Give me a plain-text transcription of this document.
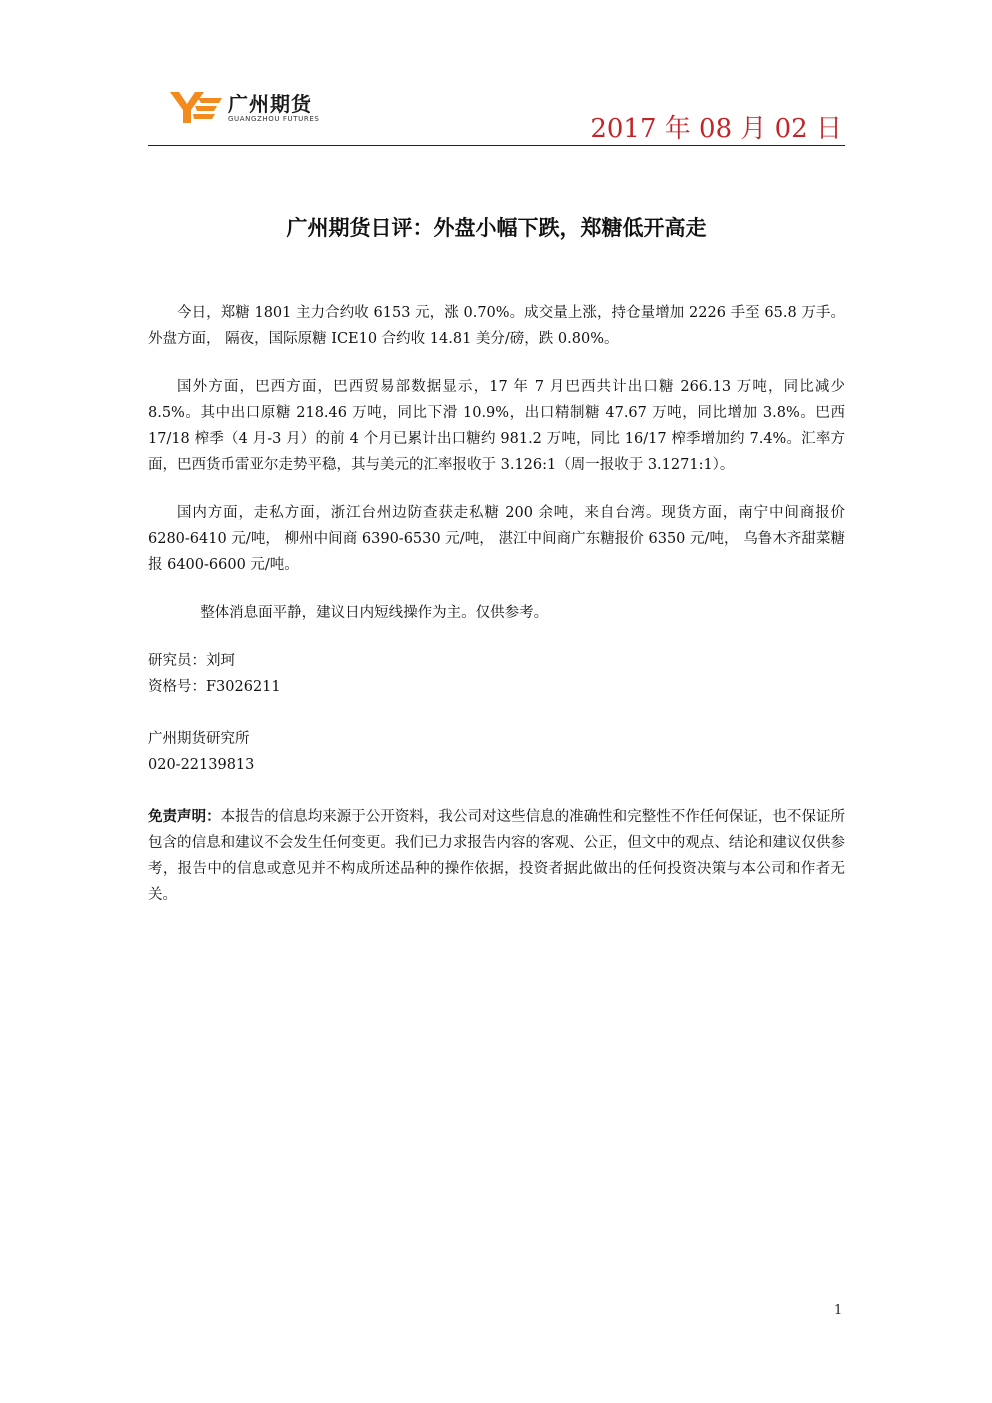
广州期货
GUANGZHOU FUTURES	2017 年 08 月 02 日
广州期货日评：外盘小幅下跌，郑糖低开高走

今日，郑糖 1801 主力合约收 6153 元，涨 0.70%。成交量上涨，持仓量增加 2226 手至 65.8 万手。外盘方面， 隔夜，国际原糖 ICE10 合约收 14.81 美分/磅，跌 0.80%。

国外方面，巴西方面，巴西贸易部数据显示，17 年 7 月巴西共计出口糖 266.13 万吨，同比减少 8.5%。其中出口原糖 218.46 万吨，同比下滑 10.9%，出口精制糖 47.67 万吨，同比增加 3.8%。巴西 17/18 榨季（4 月-3 月）的前 4 个月已累计出口糖约 981.2 万吨，同比 16/17 榨季增加约 7.4%。汇率方面，巴西货币雷亚尔走势平稳，其与美元的汇率报收于 3.126:1（周一报收于 3.1271:1）。

国内方面，走私方面，浙江台州边防查获走私糖 200 余吨，来自台湾。现货方面，南宁中间商报价 6280-6410 元/吨， 柳州中间商 6390-6530 元/吨， 湛江中间商广东糖报价 6350 元/吨， 乌鲁木齐甜菜糖报 6400-6600 元/吨。

整体消息面平静，建议日内短线操作为主。仅供参考。

研究员：刘珂

资格号：F3026211

广州期货研究所

020-22139813

免责声明：本报告的信息均来源于公开资料，我公司对这些信息的准确性和完整性不作任何保证，也不保证所包含的信息和建议不会发生任何变更。我们已力求报告内容的客观、公正，但文中的观点、结论和建议仅供参考，报告中的信息或意见并不构成所述品种的操作依据，投资者据此做出的任何投资决策与本公司和作者无关。

1
